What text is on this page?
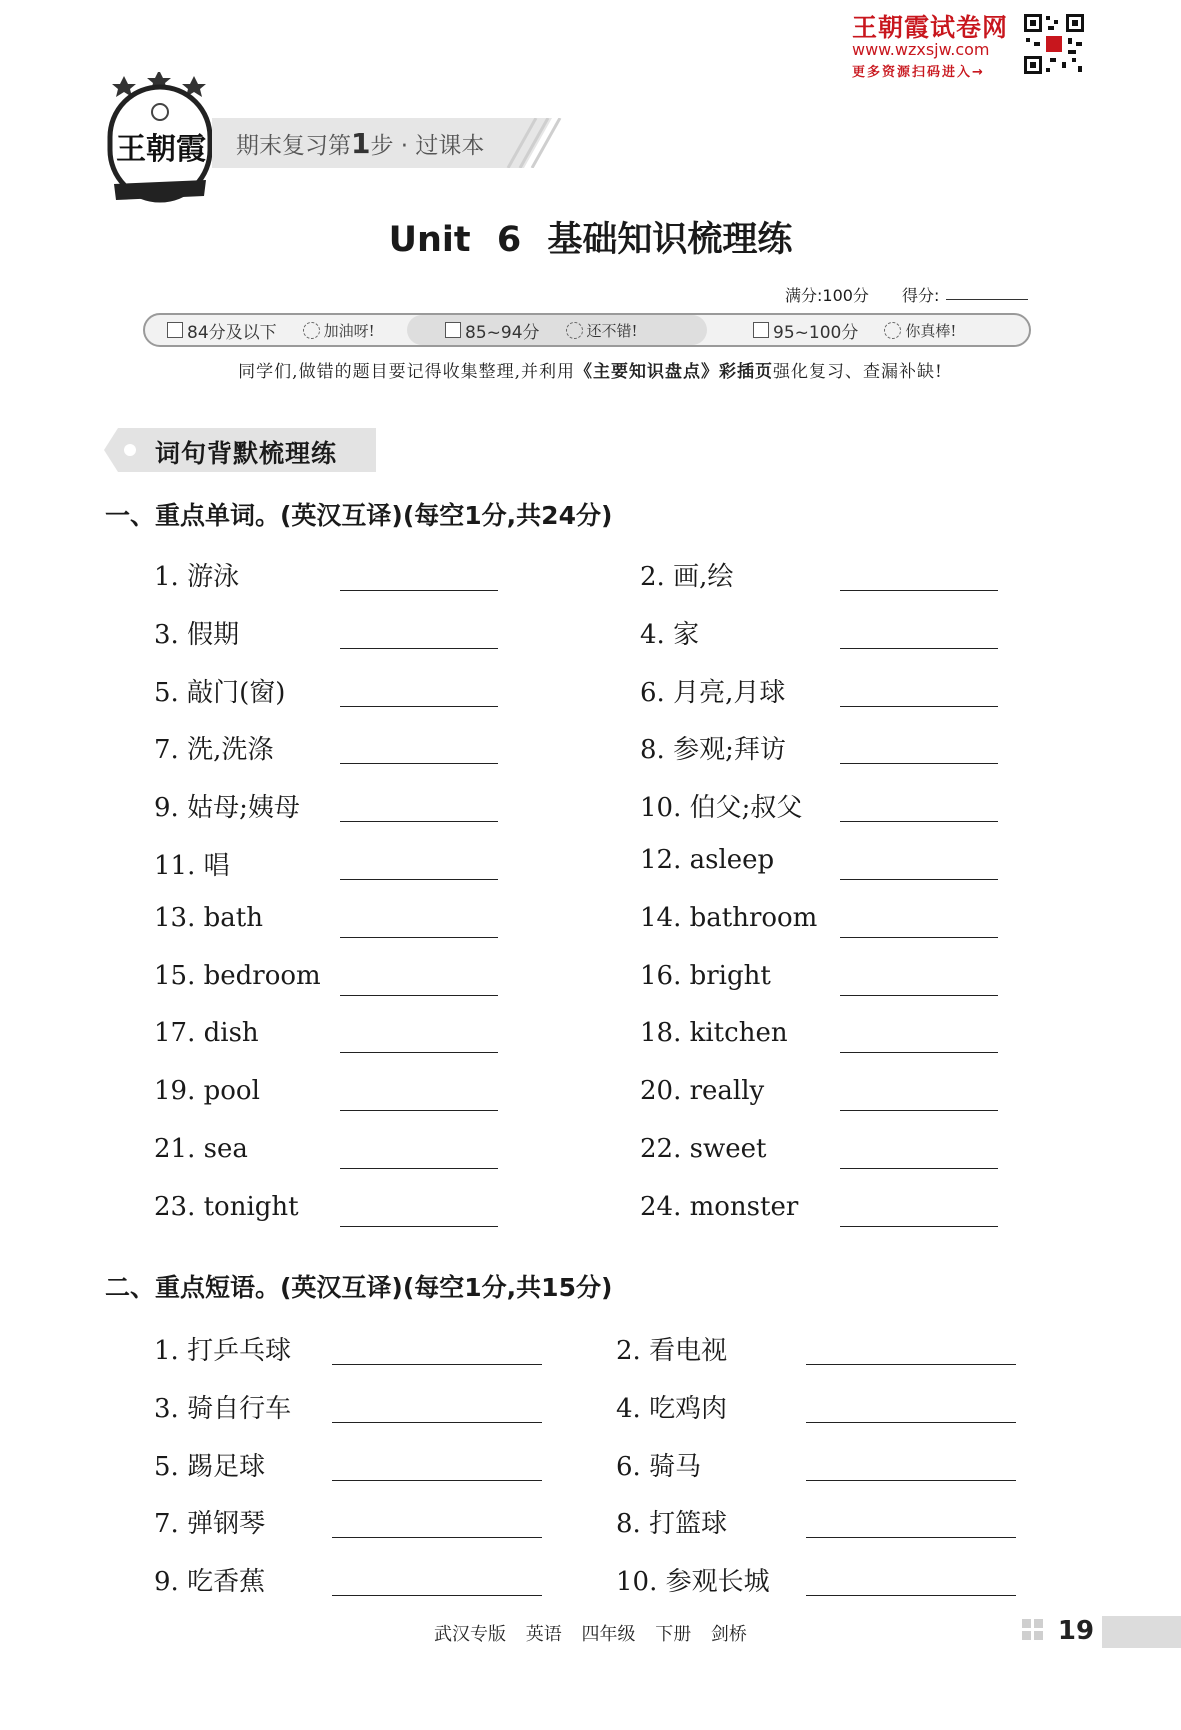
王朝霞试卷网
www.wzxsjw.com
更多资源扫码进入→
王朝霞	期末复习第1步 · 过课本
Unit 6 基础知识梳理练
满分:100分 得分:
84分及以下	加油呀!	85~94分	还不错!	95~100分	你真棒!
同学们,做错的题目要记得收集整理,并利用《主要知识盘点》彩插页强化复习、查漏补缺!
词句背默梳理练
一、重点单词。(英汉互译)(每空1分,共24分)
1. 游泳	2. 画,绘
3. 假期	4. 家
5. 敲门(窗)	6. 月亮,月球
7. 洗,洗涤	8. 参观;拜访
9. 姑母;姨母	10. 伯父;叔父
11. 唱	12. asleep
13. bath	14. bathroom
15. bedroom	16. bright
17. dish	18. kitchen
19. pool	20. really
21. sea	22. sweet
23. tonight	24. monster
二、重点短语。(英汉互译)(每空1分,共15分)
1. 打乒乓球	2. 看电视
3. 骑自行车	4. 吃鸡肉
5. 踢足球	6. 骑马
7. 弹钢琴	8. 打篮球
9. 吃香蕉	10. 参观长城
武汉专版 英语 四年级 下册 剑桥	19
